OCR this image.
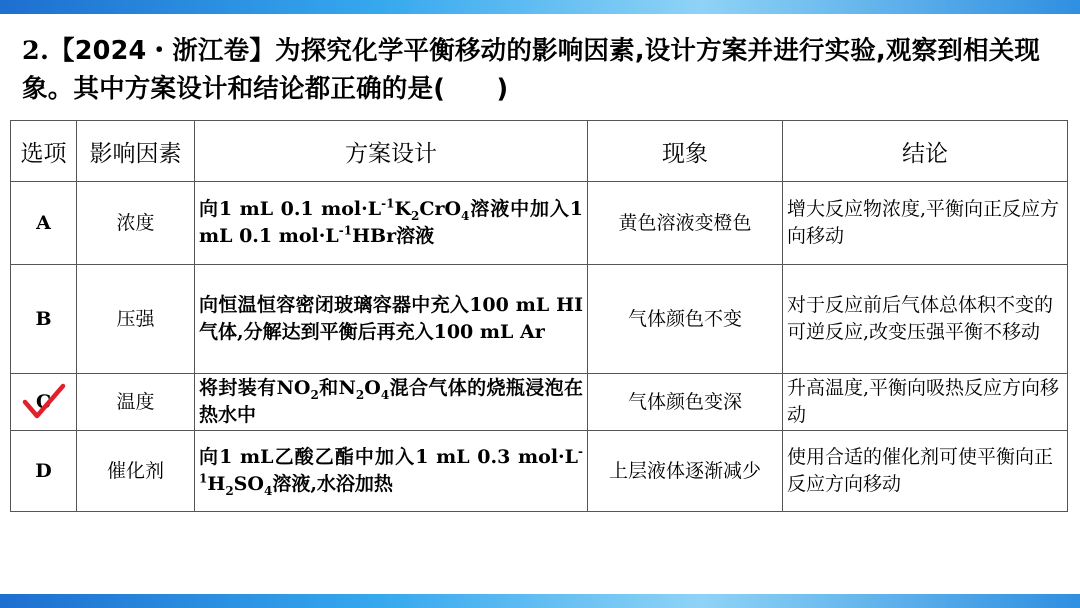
2.【2024・浙江卷】为探究化学平衡移动的影响因素,设计方案并进行实验,观察到相关现象。其中方案设计和结论都正确的是(　　)
选项	影响因素	方案设计	现象	结论
A	浓度	向1 mL 0.1 $mol\cdot L^{-1}K_2CrO_4$溶液中加入1 mL 0.1 $mol\cdot L^{-1}HBr$溶液	黄色溶液变橙色	增大反应物浓度,平衡向正反应方向移动
B	压强	向恒温恒容密闭玻璃容器中充入100 mL HI气体,分解达到平衡后再充入100 mL Ar	气体颜色不变	对于反应前后气体总体积不变的可逆反应,改变压强平衡不移动
C	温度	将封装有$NO_2$和$N_2O_4$混合气体的烧瓶浸泡在热水中	气体颜色变深	升高温度,平衡向吸热反应方向移动
D	催化剂	向1 mL乙酸乙酯中加入1 mL 0.3 $mol\cdot L^{-1}H_2SO_4$溶液,水浴加热	上层液体逐渐减少	使用合适的催化剂可使平衡向正反应方向移动
